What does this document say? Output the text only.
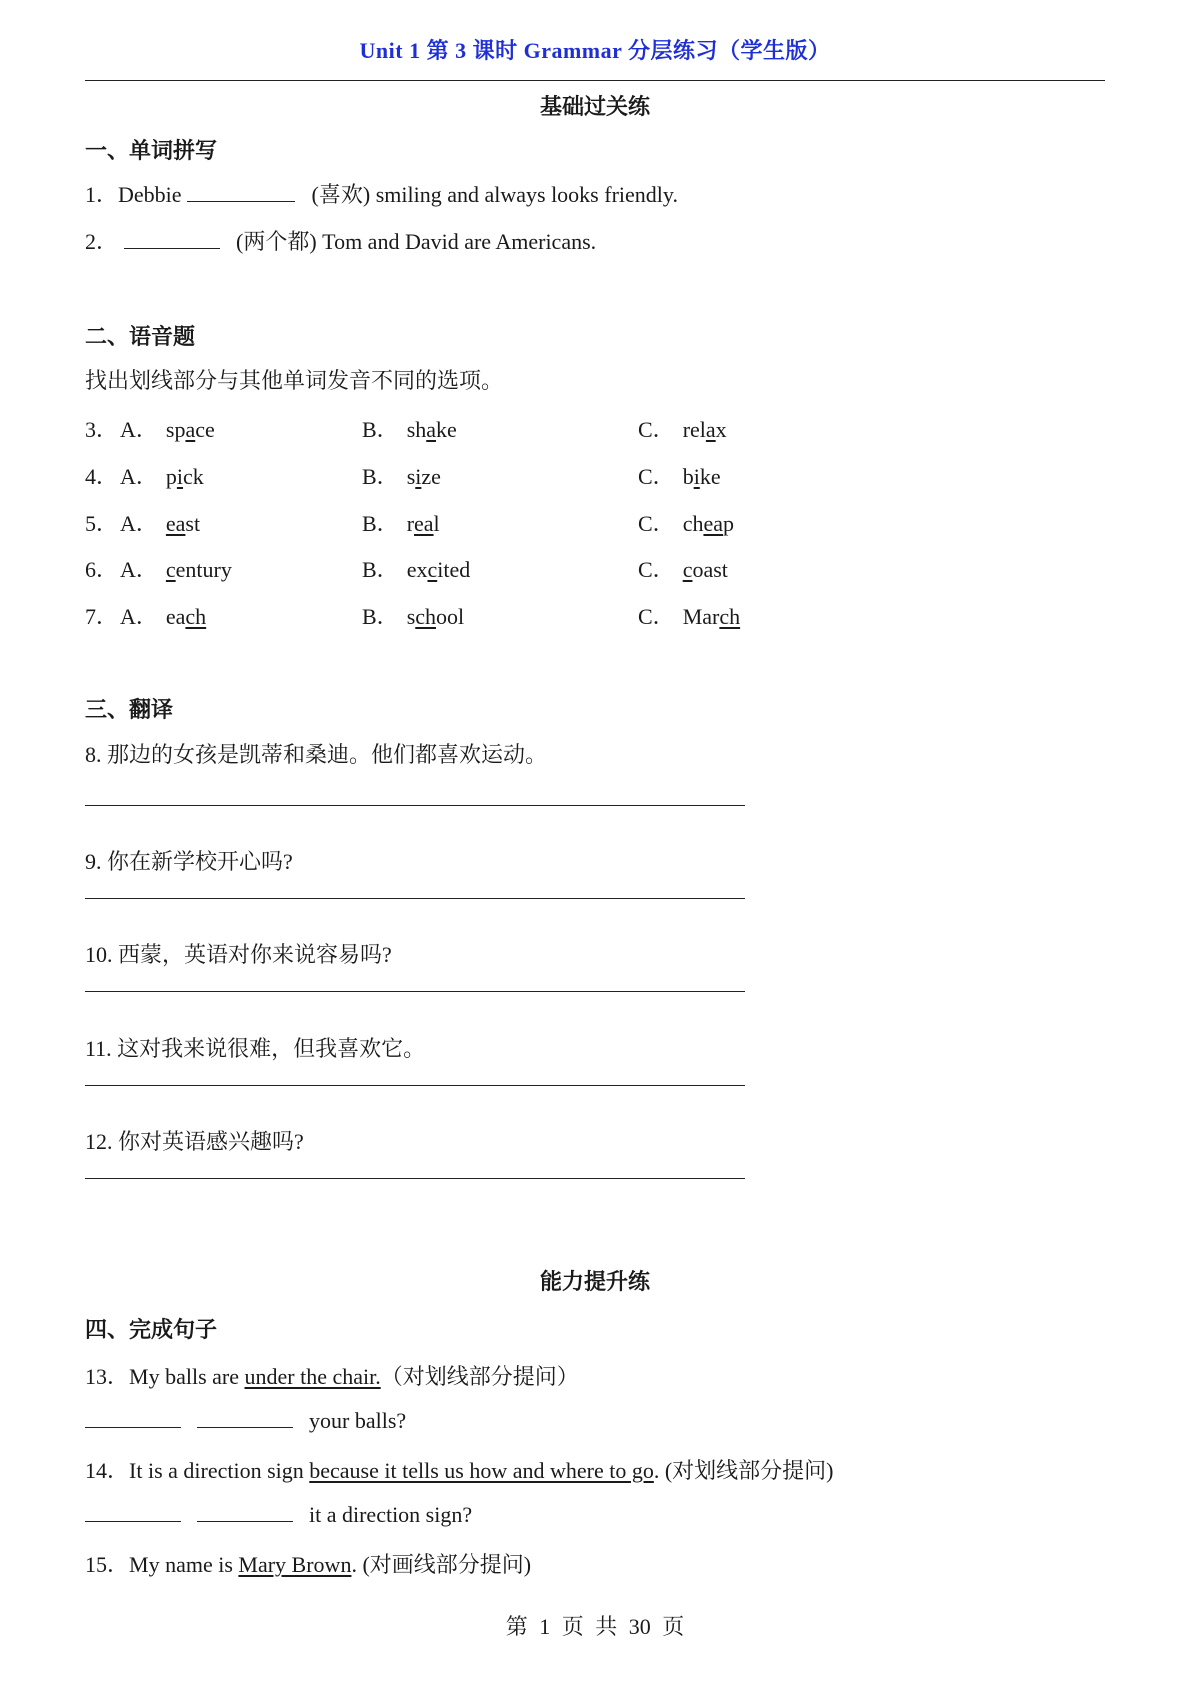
Unit 1 第 3 课时 Grammar 分层练习（学生版）
基础过关练
一、单词拼写
1．Debbie	(喜欢) smiling and always looks friendly.
2．	(两个都) Tom and David are Americans.
二、语音题
找出划线部分与其他单词发音不同的选项。
3． A． space	B． shake	C． relax
4． A． pick	B． size	C． bike
5． A． east	B． real	C． cheap
6． A． century	B． excited	C． coast
7． A． each	B． school	C． March
三、翻译
8. 那边的女孩是凯蒂和桑迪。他们都喜欢运动。
9. 你在新学校开心吗?
10. 西蒙，英语对你来说容易吗?
11. 这对我来说很难，但我喜欢它。
12. 你对英语感兴趣吗?
能力提升练
四、完成句子
13．My balls are under the chair.（对划线部分提问）
your balls?
14．It is a direction sign because it tells us how and where to go. (对划线部分提问)
it a direction sign?
15．My name is Mary Brown. (对画线部分提问)
第 1 页 共 30 页
